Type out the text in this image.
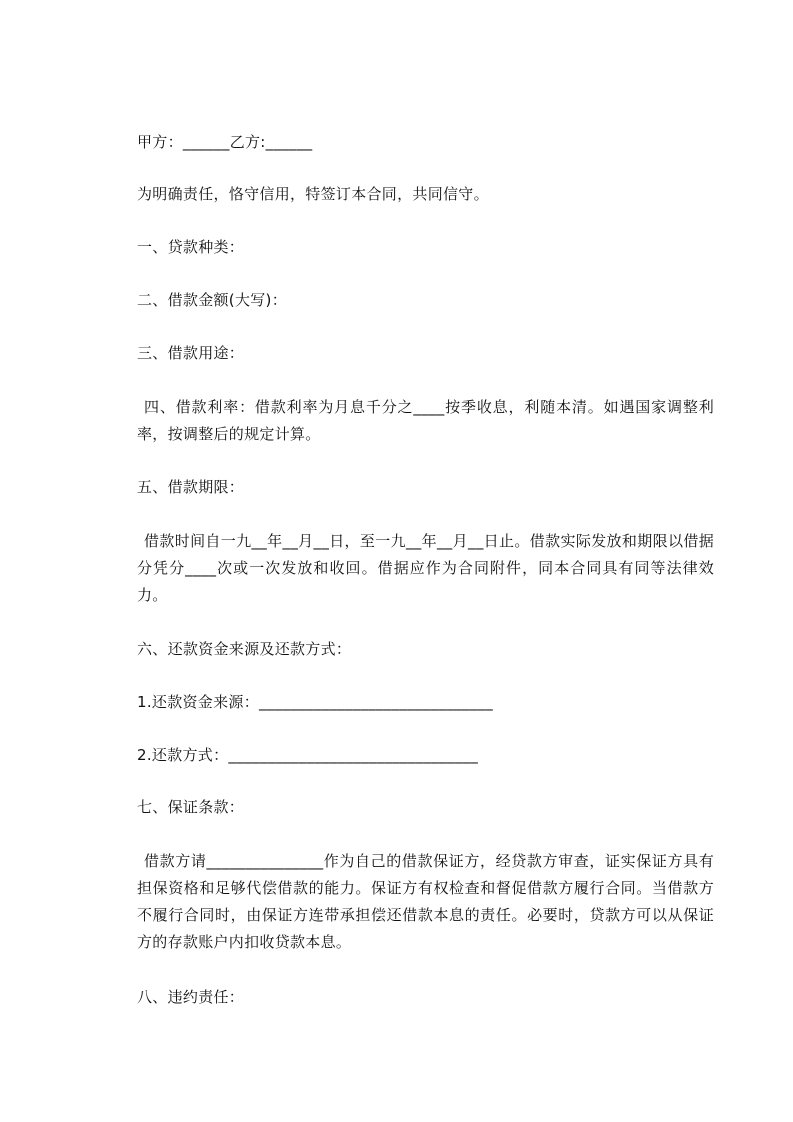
甲方：______乙方:______

为明确责任，恪守信用，特签订本合同，共同信守。

一、贷款种类：

二、借款金额(大写)：

三、借款用途：

四、借款利率：借款利率为月息千分之____按季收息，利随本清。如遇国家调整利率，按调整后的规定计算。

五、借款期限：

借款时间自一九__年__月__日，至一九__年__月__日止。借款实际发放和期限以借据分凭分____次或一次发放和收回。借据应作为合同附件，同本合同具有同等法律效力。

六、还款资金来源及还款方式：

1.还款资金来源：______________________________

2.还款方式：________________________________

七、保证条款：

借款方请_______________作为自己的借款保证方，经贷款方审查，证实保证方具有担保资格和足够代偿借款的能力。保证方有权检查和督促借款方履行合同。当借款方不履行合同时，由保证方连带承担偿还借款本息的责任。必要时，贷款方可以从保证方的存款账户内扣收贷款本息。

八、违约责任：
